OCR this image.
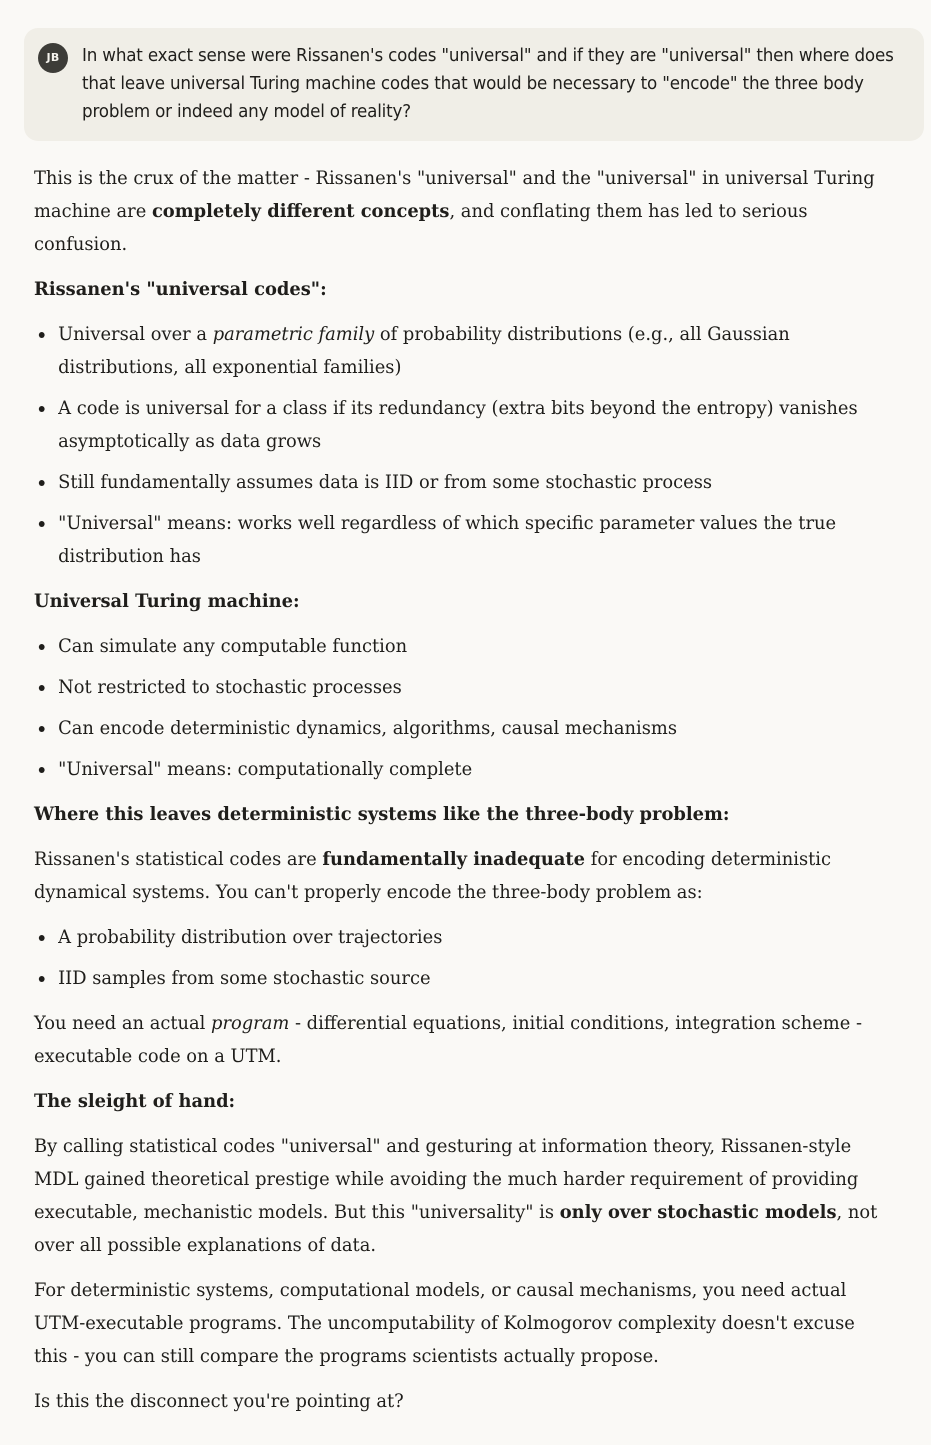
JB	In what exact sense were Rissanen's codes "universal" and if they are "universal" then where does that leave universal Turing machine codes that would be necessary to "encode" the three body problem or indeed any model of reality?

This is the crux of the matter - Rissanen's "universal" and the "universal" in universal Turing machine are completely different concepts, and conflating them has led to serious confusion.

Rissanen's "universal codes":
Universal over a parametric family of probability distributions (e.g., all Gaussian distributions, all exponential families)
A code is universal for a class if its redundancy (extra bits beyond the entropy) vanishes asymptotically as data grows
Still fundamentally assumes data is IID or from some stochastic process
"Universal" means: works well regardless of which specific parameter values the true distribution has
Universal Turing machine:
Can simulate any computable function
Not restricted to stochastic processes
Can encode deterministic dynamics, algorithms, causal mechanisms
"Universal" means: computationally complete
Where this leaves deterministic systems like the three-body problem:

Rissanen's statistical codes are fundamentally inadequate for encoding deterministic dynamical systems. You can't properly encode the three-body problem as:

A probability distribution over trajectories
IID samples from some stochastic source

You need an actual program - differential equations, initial conditions, integration scheme - executable code on a UTM.

The sleight of hand:

By calling statistical codes "universal" and gesturing at information theory, Rissanen-style MDL gained theoretical prestige while avoiding the much harder requirement of providing executable, mechanistic models. But this "universality" is only over stochastic models, not over all possible explanations of data.

For deterministic systems, computational models, or causal mechanisms, you need actual UTM-executable programs. The uncomputability of Kolmogorov complexity doesn't excuse this - you can still compare the programs scientists actually propose.

Is this the disconnect you're pointing at?
